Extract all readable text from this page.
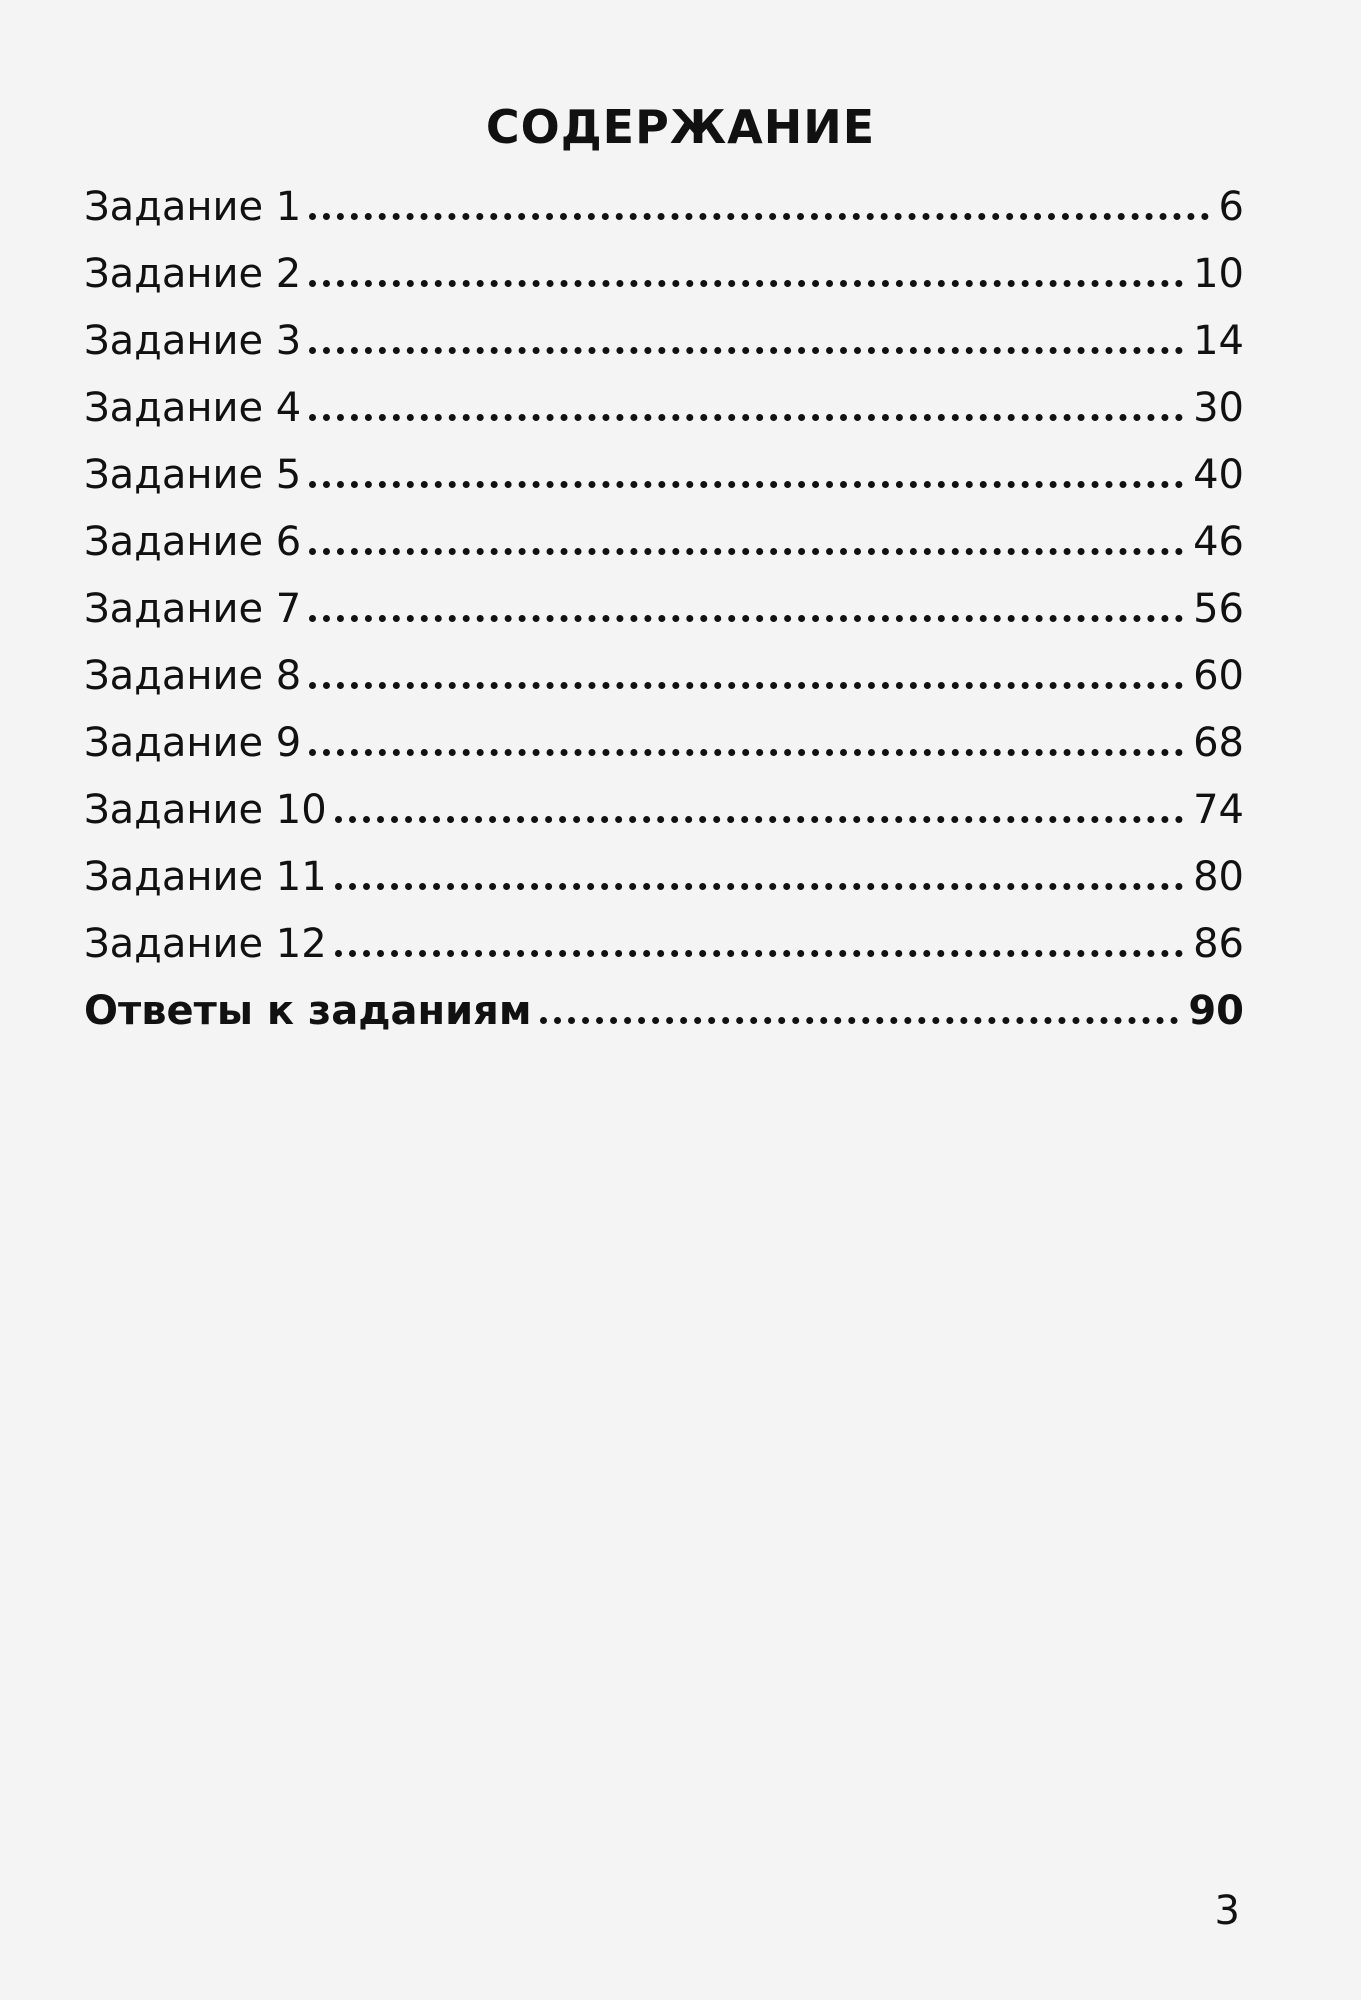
СОДЕРЖАНИЕ
Задание 1	6
Задание 2	10
Задание 3	14
Задание 4	30
Задание 5	40
Задание 6	46
Задание 7	56
Задание 8	60
Задание 9	68
Задание 10	74
Задание 11	80
Задание 12	86
Ответы к заданиям	90
3
